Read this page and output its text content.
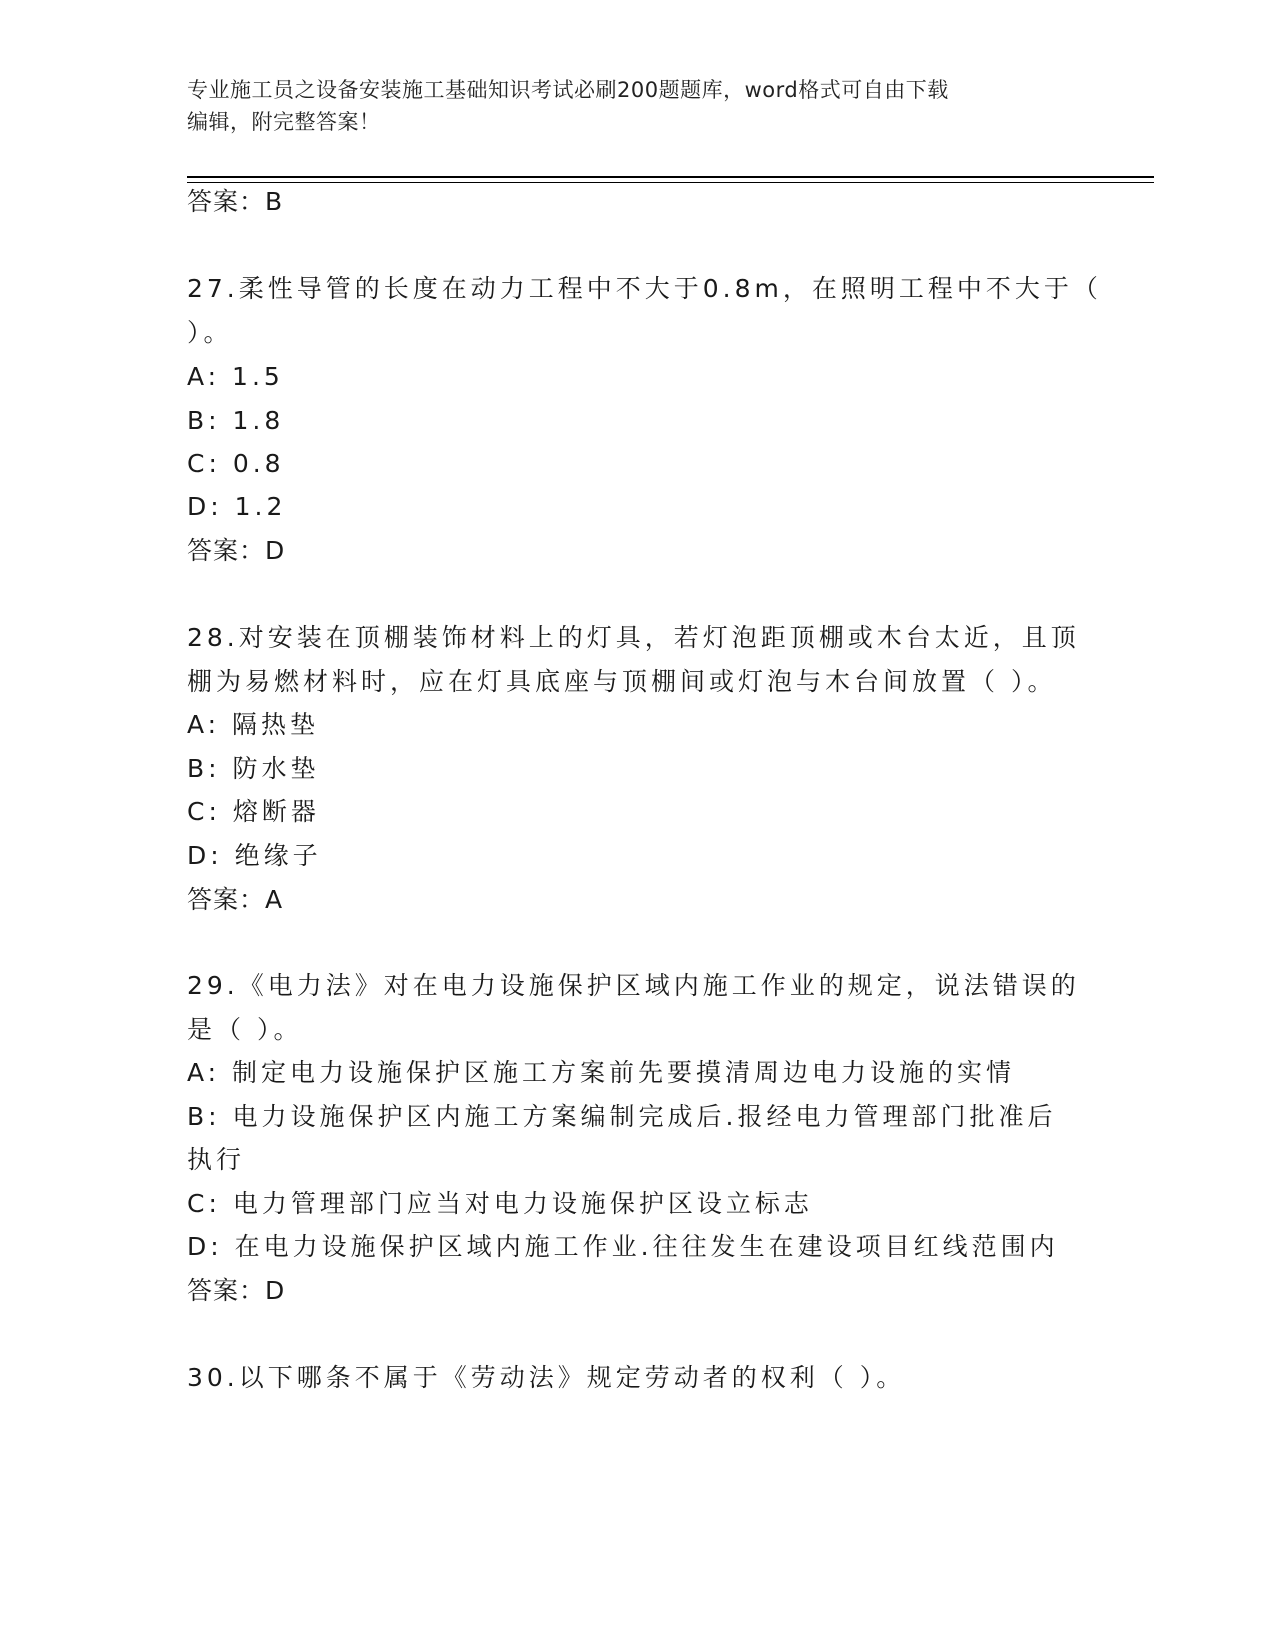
专业施工员之设备安装施工基础知识考试必刷200题题库，word格式可自由下载
编辑，附完整答案！
答案：B
27.柔性导管的长度在动力工程中不大于0.8m，在照明工程中不大于（
）。
A: 1.5
B: 1.8
C: 0.8
D: 1.2
答案：D
28.对安装在顶棚装饰材料上的灯具，若灯泡距顶棚或木台太近，且顶
棚为易燃材料时，应在灯具底座与顶棚间或灯泡与木台间放置（ ）。
A: 隔热垫
B: 防水垫
C: 熔断器
D: 绝缘子
答案：A
29.《电力法》对在电力设施保护区域内施工作业的规定，说法错误的
是（ ）。
A: 制定电力设施保护区施工方案前先要摸清周边电力设施的实情
B: 电力设施保护区内施工方案编制完成后.报经电力管理部门批准后
执行
C: 电力管理部门应当对电力设施保护区设立标志
D: 在电力设施保护区域内施工作业.往往发生在建设项目红线范围内
答案：D
30.以下哪条不属于《劳动法》规定劳动者的权利（ ）。
